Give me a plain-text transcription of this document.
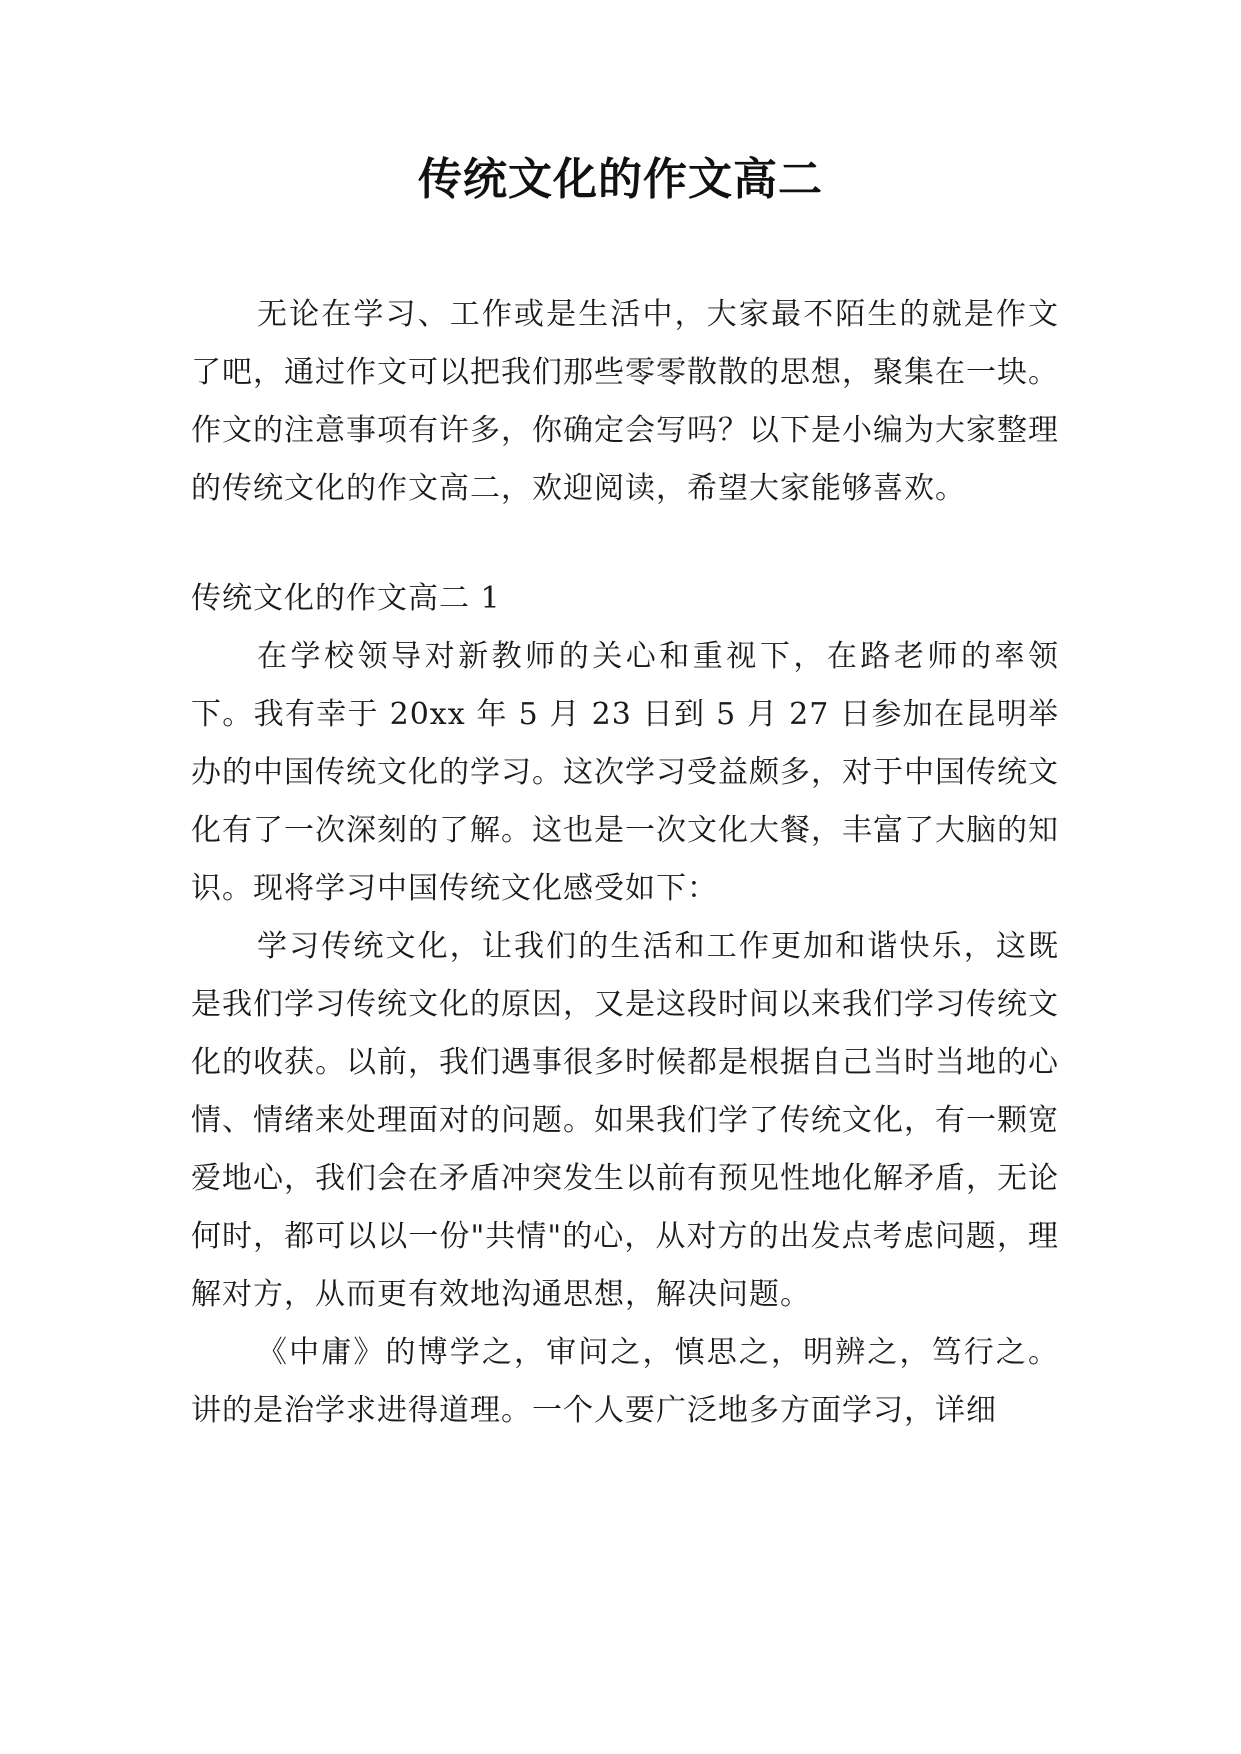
传统文化的作文高二

无论在学习、工作或是生活中，大家最不陌生的就是作文了吧，通过作文可以把我们那些零零散散的思想，聚集在一块。作文的注意事项有许多，你确定会写吗？以下是小编为大家整理的传统文化的作文高二，欢迎阅读，希望大家能够喜欢。

传统文化的作文高二 1

在学校领导对新教师的关心和重视下，在路老师的率领下。我有幸于 20xx 年 5 月 23 日到 5 月 27 日参加在昆明举办的中国传统文化的学习。这次学习受益颇多，对于中国传统文化有了一次深刻的了解。这也是一次文化大餐，丰富了大脑的知识。现将学习中国传统文化感受如下：

学习传统文化，让我们的生活和工作更加和谐快乐，这既是我们学习传统文化的原因，又是这段时间以来我们学习传统文化的收获。以前，我们遇事很多时候都是根据自己当时当地的心情、情绪来处理面对的问题。如果我们学了传统文化，有一颗宽爱地心，我们会在矛盾冲突发生以前有预见性地化解矛盾，无论何时，都可以以一份"共情"的心，从对方的出发点考虑问题，理解对方，从而更有效地沟通思想，解决问题。

《中庸》的博学之，审问之，慎思之，明辨之，笃行之。讲的是治学求进得道理。一个人要广泛地多方面学习，详细
